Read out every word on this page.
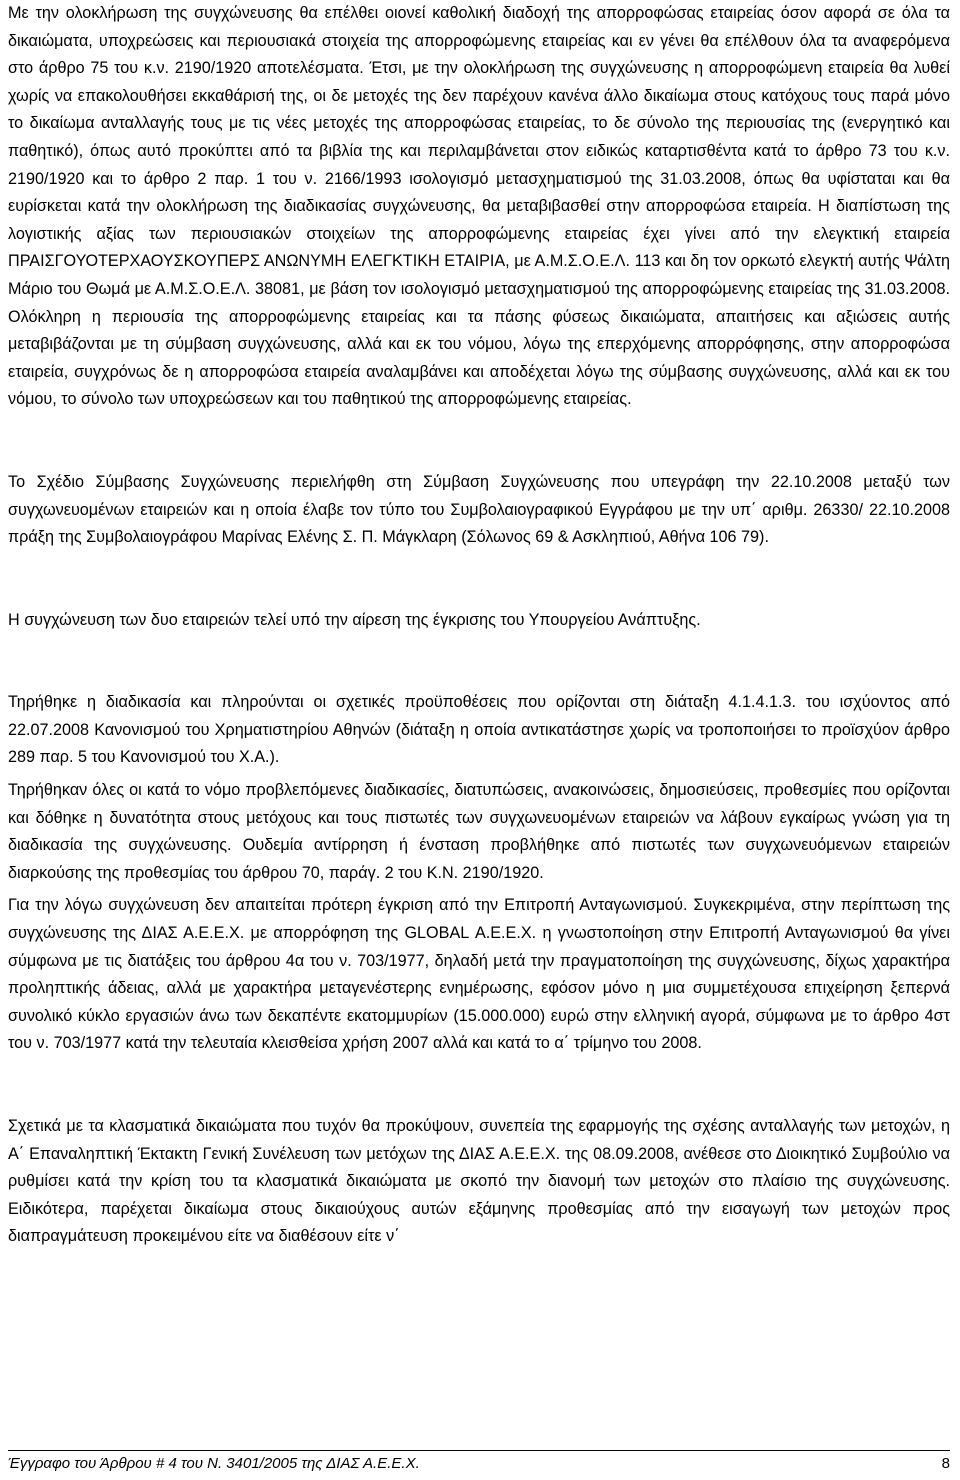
Με την ολοκλήρωση της συγχώνευσης θα επέλθει οιονεί καθολική διαδοχή της απορροφώσας εταιρείας όσον αφορά σε όλα τα δικαιώματα, υποχρεώσεις και περιουσιακά στοιχεία της απορροφώμενης εταιρείας και εν γένει θα επέλθουν όλα τα αναφερόμενα στο άρθρο 75 του κ.ν. 2190/1920 αποτελέσματα. Έτσι, με την ολοκλήρωση της συγχώνευσης η απορροφώμενη εταιρεία θα λυθεί χωρίς να επακολουθήσει εκκαθάρισή της, οι δε μετοχές της δεν παρέχουν κανένα άλλο δικαίωμα στους κατόχους τους παρά μόνο το δικαίωμα ανταλλαγής τους με τις νέες μετοχές της απορροφώσας εταιρείας, το δε σύνολο της περιουσίας της (ενεργητικό και παθητικό), όπως αυτό προκύπτει από τα βιβλία της και περιλαμβάνεται στον ειδικώς καταρτισθέντα κατά το άρθρο 73 του κ.ν. 2190/1920 και το άρθρο 2 παρ. 1 του ν. 2166/1993 ισολογισμό μετασχηματισμού της 31.03.2008, όπως θα υφίσταται και θα ευρίσκεται κατά την ολοκλήρωση της διαδικασίας συγχώνευσης, θα μεταβιβασθεί στην απορροφώσα εταιρεία. Η διαπίστωση της λογιστικής αξίας των περιουσιακών στοιχείων της απορροφώμενης εταιρείας έχει γίνει από την ελεγκτική εταιρεία ΠΡΑΙΣΓΟΥΟΤΕΡΧΑΟΥΣΚΟΥΠΕΡΣ ΑΝΩΝΥΜΗ ΕΛΕΓΚΤΙΚΗ ΕΤΑΙΡΙΑ, με Α.Μ.Σ.Ο.Ε.Λ. 113 και δη τον ορκωτό ελεγκτή αυτής Ψάλτη Μάριο του Θωμά με Α.Μ.Σ.Ο.Ε.Λ. 38081, με βάση τον ισολογισμό μετασχηματισμού της απορροφώμενης εταιρείας της 31.03.2008. Ολόκληρη η περιουσία της απορροφώμενης εταιρείας και τα πάσης φύσεως δικαιώματα, απαιτήσεις και αξιώσεις αυτής μεταβιβάζονται με τη σύμβαση συγχώνευσης, αλλά και εκ του νόμου, λόγω της επερχόμενης απορρόφησης, στην απορροφώσα εταιρεία, συγχρόνως δε η απορροφώσα εταιρεία αναλαμβάνει και αποδέχεται λόγω της σύμβασης συγχώνευσης, αλλά και εκ του νόμου, το σύνολο των υποχρεώσεων και του παθητικού της απορροφώμενης εταιρείας.

Το Σχέδιο Σύμβασης Συγχώνευσης περιελήφθη στη Σύμβαση Συγχώνευσης που υπεγράφη την 22.10.2008 μεταξύ των συγχωνευομένων εταιρειών και η οποία έλαβε τον τύπο του Συμβολαιογραφικού Εγγράφου με την υπ΄ αριθμ. 26330/ 22.10.2008 πράξη της Συμβολαιογράφου Μαρίνας Ελένης Σ. Π. Μάγκλαρη (Σόλωνος 69 & Ασκληπιού, Αθήνα 106 79).

Η συγχώνευση των δυο εταιρειών τελεί υπό την αίρεση της έγκρισης του Υπουργείου Ανάπτυξης.

Τηρήθηκε η διαδικασία και πληρούνται οι σχετικές προϋποθέσεις που ορίζονται στη διάταξη 4.1.4.1.3. του ισχύοντος από 22.07.2008 Κανονισμού του Χρηματιστηρίου Αθηνών (διάταξη η οποία αντικατάστησε χωρίς να τροποποιήσει το προϊσχύον άρθρο 289 παρ. 5 του Κανονισμού του Χ.Α.).

Τηρήθηκαν όλες οι κατά το νόμο προβλεπόμενες διαδικασίες, διατυπώσεις, ανακοινώσεις, δημοσιεύσεις, προθεσμίες που ορίζονται και δόθηκε η δυνατότητα στους μετόχους και τους πιστωτές των συγχωνευομένων εταιρειών να λάβουν εγκαίρως γνώση για τη διαδικασία της συγχώνευσης. Ουδεμία αντίρρηση ή ένσταση προβλήθηκε από πιστωτές των συγχωνευόμενων εταιρειών διαρκούσης της προθεσμίας του άρθρου 70, παράγ. 2 του Κ.Ν. 2190/1920.

Για την λόγω συγχώνευση δεν απαιτείται πρότερη έγκριση από την Επιτροπή Ανταγωνισμού. Συγκεκριμένα, στην περίπτωση της συγχώνευσης της ΔΙΑΣ Α.Ε.Ε.Χ. με απορρόφηση της GLOBAL Α.Ε.Ε.Χ. η γνωστοποίηση στην Επιτροπή Ανταγωνισμού θα γίνει σύμφωνα με τις διατάξεις του άρθρου 4α του ν. 703/1977, δηλαδή μετά την πραγματοποίηση της συγχώνευσης, δίχως χαρακτήρα προληπτικής άδειας, αλλά με χαρακτήρα μεταγενέστερης ενημέρωσης, εφόσον μόνο η μια συμμετέχουσα επιχείρηση ξεπερνά συνολικό κύκλο εργασιών άνω των δεκαπέντε εκατομμυρίων (15.000.000) ευρώ στην ελληνική αγορά, σύμφωνα με το άρθρο 4στ του ν. 703/1977 κατά την τελευταία κλεισθείσα χρήση 2007 αλλά και κατά το α΄ τρίμηνο του 2008.

Σχετικά με τα κλασματικά δικαιώματα που τυχόν θα προκύψουν, συνεπεία της εφαρμογής της σχέσης ανταλλαγής των μετοχών, η Α΄ Επαναληπτική Έκτακτη Γενική Συνέλευση των μετόχων της ΔΙΑΣ Α.Ε.Ε.Χ. της 08.09.2008, ανέθεσε στο Διοικητικό Συμβούλιο να ρυθμίσει κατά την κρίση του τα κλασματικά δικαιώματα με σκοπό την διανομή των μετοχών στο πλαίσιο της συγχώνευσης. Ειδικότερα, παρέχεται δικαίωμα στους δικαιούχους αυτών εξάμηνης προθεσμίας από την εισαγωγή των μετοχών προς διαπραγμάτευση προκειμένου είτε να διαθέσουν είτε ν΄

Έγγραφο του Άρθρου # 4 του Ν. 3401/2005 της ΔΙΑΣ Α.Ε.Ε.Χ.	8
